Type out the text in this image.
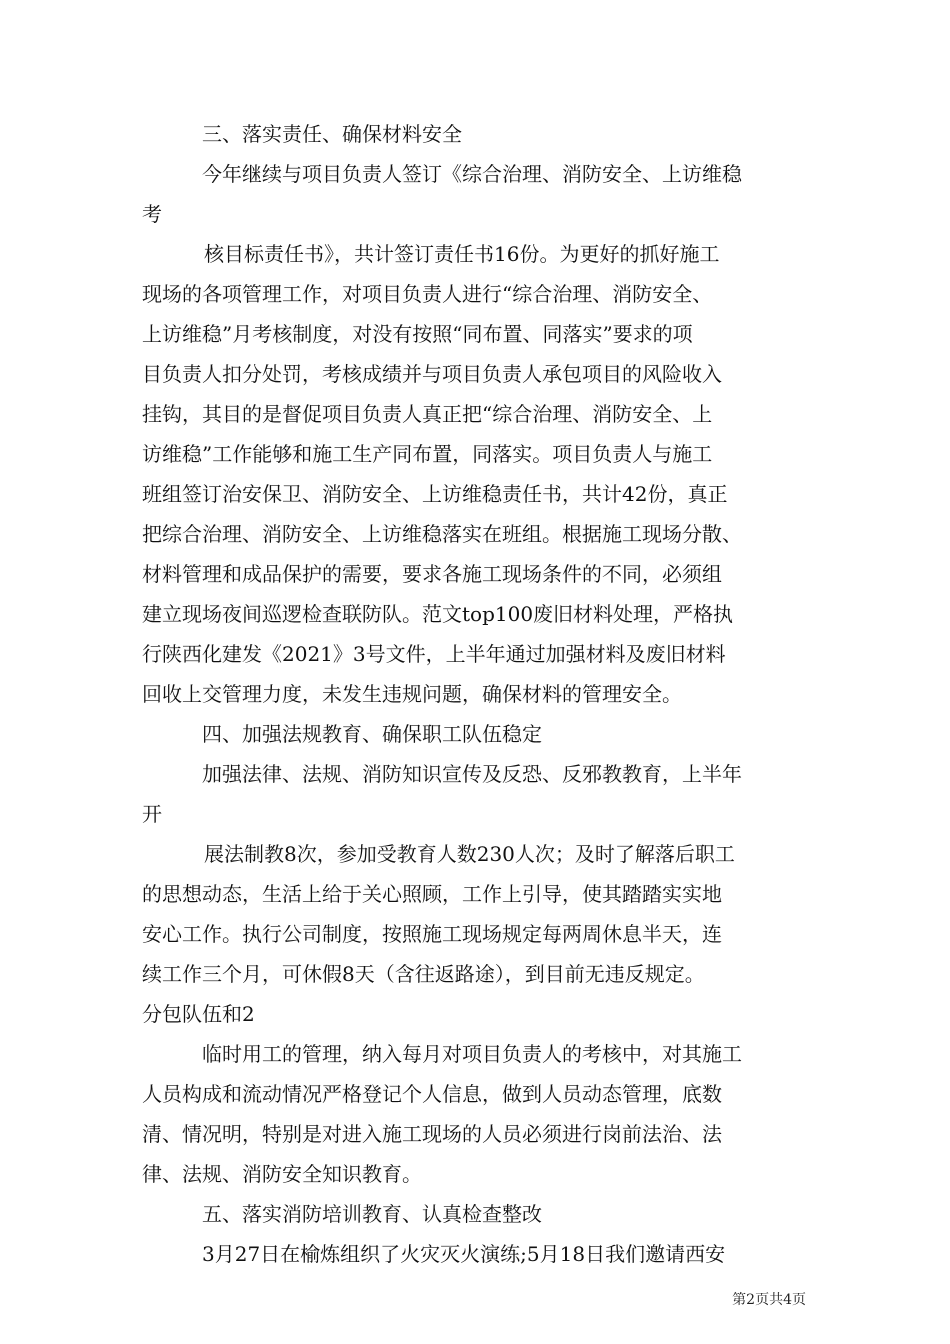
三、落实责任、确保材料安全
今年继续与项目负责人签订《综合治理、消防安全、上访维稳
考
核目标责任书》，共计签订责任书16份。为更好的抓好施工
现场的各项管理工作，对项目负责人进行“综合治理、消防安全、
上访维稳”月考核制度，对没有按照“同布置、同落实”要求的项
目负责人扣分处罚，考核成绩并与项目负责人承包项目的风险收入
挂钩，其目的是督促项目负责人真正把“综合治理、消防安全、上
访维稳”工作能够和施工生产同布置，同落实。项目负责人与施工
班组签订治安保卫、消防安全、上访维稳责任书，共计42份，真正
把综合治理、消防安全、上访维稳落实在班组。根据施工现场分散、
材料管理和成品保护的需要，要求各施工现场条件的不同，必须组
建立现场夜间巡逻检查联防队。范文top100废旧材料处理，严格执
行陕西化建发《2021》3号文件，上半年通过加强材料及废旧材料
回收上交管理力度，未发生违规问题，确保材料的管理安全。
四、加强法规教育、确保职工队伍稳定
加强法律、法规、消防知识宣传及反恐、反邪教教育，上半年
开
展法制教8次，参加受教育人数230人次；及时了解落后职工
的思想动态，生活上给于关心照顾，工作上引导，使其踏踏实实地
安心工作。执行公司制度，按照施工现场规定每两周休息半天，连
续工作三个月，可休假8天（含往返路途），到目前无违反规定。
分包队伍和2
临时用工的管理，纳入每月对项目负责人的考核中，对其施工
人员构成和流动情况严格登记个人信息，做到人员动态管理，底数
清、情况明，特别是对进入施工现场的人员必须进行岗前法治、法
律、法规、消防安全知识教育。
五、落实消防培训教育、认真检查整改
3月27日在榆炼组织了火灾灭火演练;5月18日我们邀请西安
第2页共4页
